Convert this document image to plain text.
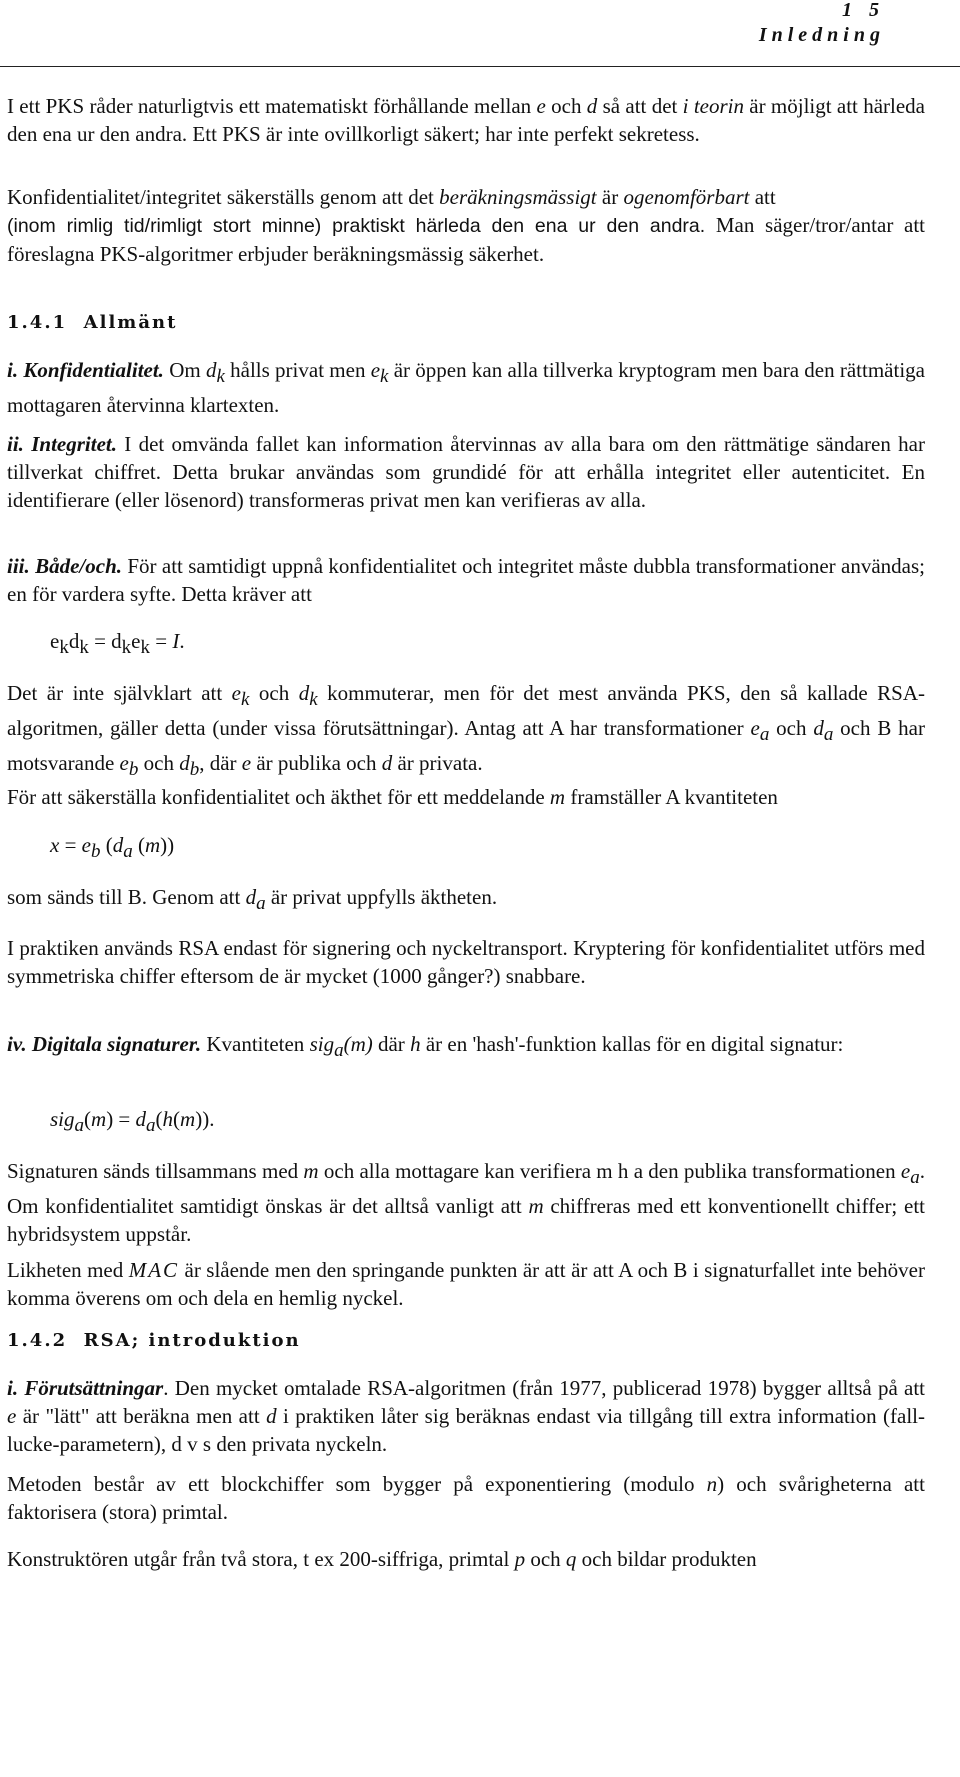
1 5
Inledning
I ett PKS råder naturligtvis ett matematiskt förhållande mellan e och d så att det i teorin är möjligt att härleda den ena ur den andra. Ett PKS är inte ovillkorligt säkert; har inte perfekt sekretess.
Konfidentialitet/integritet säkerställs genom att det beräkningsmässigt är ogenomförbart att
(inom rimlig tid/rimligt stort minne) praktiskt härleda den ena ur den andra. Man säger/tror/antar att föreslagna PKS-algoritmer erbjuder beräkningsmässig säkerhet.
1.4.1 Allmänt
i. Konfidentialitet. Om dk hålls privat men ek är öppen kan alla tillverka kryptogram men bara den rättmätiga mottagaren återvinna klartexten.
ii. Integritet. I det omvända fallet kan information återvinnas av alla bara om den rättmätige sändaren har tillverkat chiffret. Detta brukar användas som grundidé för att erhålla integritet eller autenticitet. En identifierare (eller lösenord) transformeras privat men kan verifieras av alla.
iii. Både/och. För att samtidigt uppnå konfidentialitet och integritet måste dubbla transformationer användas; en för vardera syfte. Detta kräver att
ekdk = dkek = I.
Det är inte självklart att ek och dk kommuterar, men för det mest använda PKS, den så kallade RSA-algoritmen, gäller detta (under vissa förutsättningar). Antag att A har transformationer ea och da och B har motsvarande eb och db, där e är publika och d är privata.
För att säkerställa konfidentialitet och äkthet för ett meddelande m framställer A kvantiteten
x = eb (da (m))
som sänds till B. Genom att da är privat uppfylls äktheten.
I praktiken används RSA endast för signering och nyckeltransport. Kryptering för konfidentialitet utförs med symmetriska chiffer eftersom de är mycket (1000 gånger?) snabbare.
iv. Digitala signaturer. Kvantiteten siga(m) där h är en 'hash'-funktion kallas för en digital signatur:
siga(m) = da(h(m)).
Signaturen sänds tillsammans med m och alla mottagare kan verifiera m h a den publika transformationen ea. Om konfidentialitet samtidigt önskas är det alltså vanligt att m chiffreras med ett konventionellt chiffer; ett hybridsystem uppstår.
Likheten med MAC är slående men den springande punkten är att är att A och B i signaturfallet inte behöver komma överens om och dela en hemlig nyckel.
1.4.2 RSA; introduktion
i. Förutsättningar. Den mycket omtalade RSA-algoritmen (från 1977, publicerad 1978) bygger alltså på att e är "lätt" att beräkna men att d i praktiken låter sig beräknas endast via tillgång till extra information (fall-lucke-parametern), d v s den privata nyckeln.
Metoden består av ett blockchiffer som bygger på exponentiering (modulo n) och svårigheterna att faktorisera (stora) primtal.
Konstruktören utgår från två stora, t ex 200-siffriga, primtal p och q och bildar produkten
